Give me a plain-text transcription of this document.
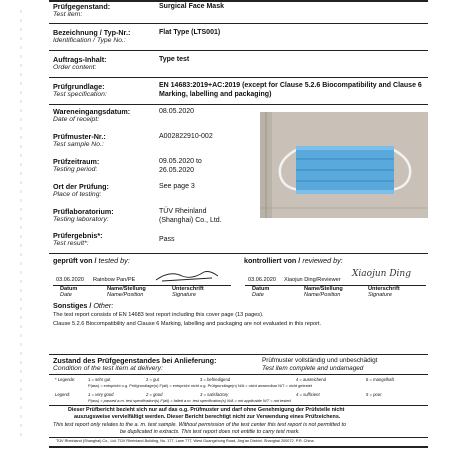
Prüfgegenstand:
Test item:
Surgical Face Mask
Bezeichnung / Typ-Nr.:
Identification / Type No.:
Flat Type (LTS001)
Auftrags-Inhalt:
Order content:
Type test
Prüfgrundlage:
Test specification:
EN 14683:2019+AC:2019 (except for Clause 5.2.6 Biocompatibility and Clause 6 Marking, labelling and packaging)
Wareneingangsdatum:
Date of receipt:
08.05.2020
Prüfmuster-Nr.:
Test sample No.:
A002822910-002
Prüfzeitraum:
Testing period:
09.05.2020 to
26.05.2020
Ort der Prüfung:
Place of testing:
See page 3
Prüflaboratorium:
Testing laboratory:
TÜV Rheinland
(Shanghai) Co., Ltd.
Prüfergebnis*:
Test result*:
Pass
geprüft von / tested by:	kontrolliert von / reviewed by:
03.06.2020 Rainbow Pan/PE	03.06.2020 Xiaojun Ding/Reviewer
Xiaojun Ding
Datum
Date
Name/Stellung
Name/Position
Unterschrift
Signature
Datum
Date
Name/Stellung
Name/Position
Unterschrift
Signature
Sonstiges / Other:
The test report consists of EN 14683 test report including this cover page (13 pages).
Clause 5.2.6 Biocompatibility and Clause 6 Marking, labelling and packaging are not evaluated in this report.
Zustand des Prüfgegenstandes bei Anlieferung:
Condition of the test item at delivery:
Prüfmuster vollständig und unbeschädigt
Test item complete and undamaged
* Legende:	1 = sehr gut	2 = gut	3 = befriedigend	4 = ausreichend	5 = mangelhaft
P(ass) = entspricht o.g. Prüfgrundlage(n) F(ail) = entspricht nicht o.g. Prüfgrundlage(n) N/A = nicht anwendbar N/T = nicht getestet
Legend:	1 = very good	2 = good	3 = satisfactory	4 = sufficient	5 = poor
P(ass) = passed a.m. test specification(s) F(ail) = failed a.m. test specification(s) N/A = not applicable N/T = not tested
Dieser Prüfbericht bezieht sich nur auf das o.g. Prüfmuster und darf ohne Genehmigung der Prüfstelle nicht
auszugsweise vervielfältigt werden. Dieser Bericht berechtigt nicht zur Verwendung eines Prüfzeichens.
This test report only relates to the a. m. test sample. Without permission of the test center this test report is not permitted to
be duplicated in extracts. This test report does not entitle to carry test mark.
TÜV Rheinland (Shanghai) Co., Ltd. TÜV Rheinland Building, No. 177, Lane 777, West Guangzhong Road, Jing'an District, Shanghai 200072, P.R. China
